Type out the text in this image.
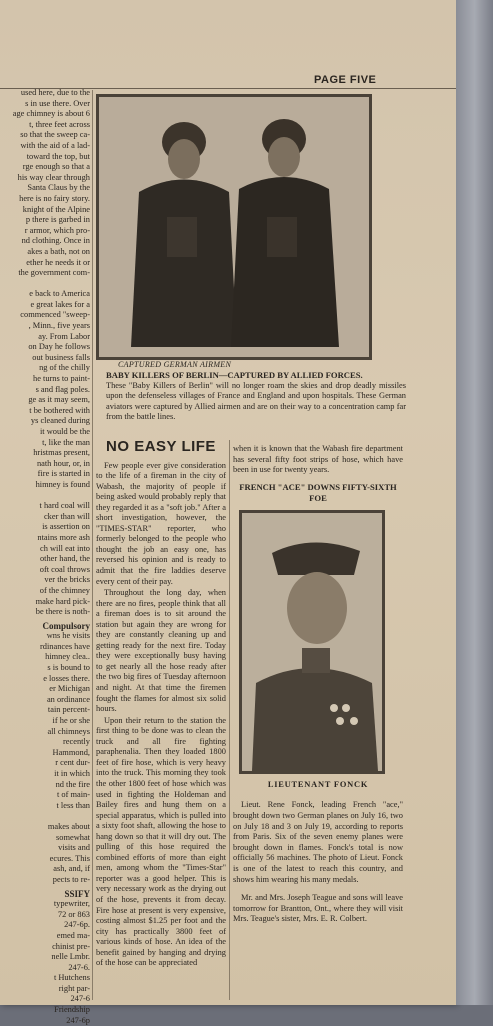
PAGE FIVE
used here, due to the
s in use there. Over
age chimney is about 6
t, three feet across
so that the sweep ca-
with the aid of a lad-
toward the top, but
rge enough so that a
his way clear through
Santa Claus by the
here is no fairy story.
knight of the Alpine
p there is garbed in
r armor, which pro-
nd clothing. Once in
akes a bath, not on
ether he needs it or
the government com-

e back to America
e great lakes for a
commenced "sweep-
, Minn., five years
ay. From Labor
on Day he follows
out business falls
ng of the chilly
he turns to paint-
s and flag poles.
ge as it may seem,
t be bothered with
ys cleaned during
it would be the
t, like the man
hristmas present,
nath hour, or, in
fire is started in
himney is found

t hard coal will
cker than will
is assertion on
ntains more ash
ch will eat into
other hand, the
oft coal throws
ver the bricks
of the chimney
make hard pick-
be there is noth-
Compulsory
wns he visits
rdinances have
himney clea..
s is bound to
e losses there.
er Michigan
an ordinance
tain percent-
if he or she
all chimneys
recently
Hammond,
r cent dur-
it in which
nd the fire
t of main-
t less than

makes about
somewhat
visits and
ecures. This
ash, and, if
pects to re-
SSIFY
typewriter,
72 or 863
247-6p.
emed ma-
chinist pre-
nelle Lmbr.
247-6.
t Hutchens
right par-
247-6
Friendship
247-6p
CAPTURED GERMAN AIRMEN
BABY KILLERS OF BERLIN—CAPTURED BY ALLIED FORCES.
These "Baby Killers of Berlin" will no longer roam the skies and drop deadly missiles upon the defenseless villages of France and England and upon hospitals. These German aviators were captured by Allied airmen and are on their way to a concentration camp far from the battle lines.
NO EASY LIFE

Few people ever give consideration to the life of a fireman in the city of Wabash, the majority of people if being asked would probably reply that they regarded it as a "soft job." After a short investigation, however, the "TIMES-STAR" reporter, who formerly belonged to the people who thought the job an easy one, has reversed his opinion and is ready to admit that the fire laddies deserve every cent of their pay.

Throughout the long day, when there are no fires, people think that all a fireman does is to sit around the station but again they are wrong for they are constantly cleaning up and getting ready for the next fire. Today they were exceptionally busy having to get nearly all the hose ready after the two big fires of Tuesday afternoon and night. At that time the firemen fought the flames for almost six solid hours.

Upon their return to the station the first thing to be done was to clean the truck and all fire fighting paraphenalia. Then they loaded 1800 feet of fire hose, which is very heavy into the truck. This morning they took the other 1800 feet of hose which was used in fighting the Holdeman and Bailey fires and hung them on a special apparatus, which is pulled into a sixty foot shaft, allowing the hose to hang down so that it will dry out. The pulling of this hose required the combined efforts of more than eight men, among whom the "Times-Star" reporter was a good helper. This is very necessary work as the drying out of the hose, prevents it from decay. Fire hose at present is very expensive, costing almost $1.25 per foot and the city has practically 3800 feet of various kinds of hose. An idea of the benefit gained by hanging and drying of the hose can be appreciated

when it is known that the Wabash fire department has several fifty foot strips of hose, which have been in use for twenty years.

FRENCH "ACE" DOWNS FIFTY-SIXTH FOE
LIEUTENANT FONCK

Lieut. Rene Fonck, leading French "ace," brought down two German planes on July 16, two on July 18 and 3 on July 19, according to reports from Paris. Six of the seven enemy planes were brought down in flames. Fonck's total is now officially 56 machines. The photo of Lieut. Fonck is one of the latest to reach this country, and shows him wearing his many medals.

Mr. and Mrs. Joseph Teague and sons will leave tomorrow for Brantton, Ont., where they will visit Mrs. Teague's sister, Mrs. E. R. Colbert.
